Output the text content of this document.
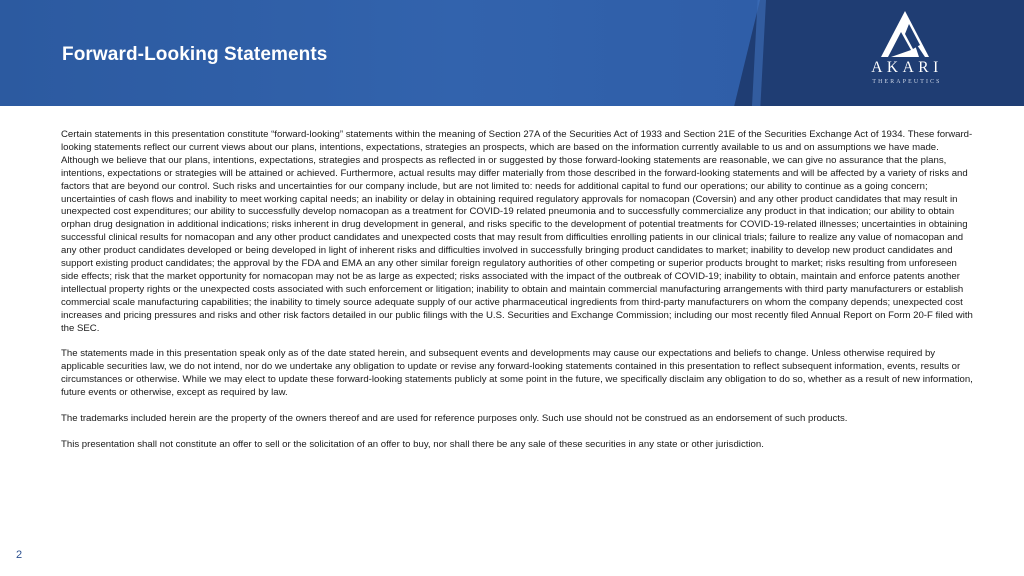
Forward-Looking Statements
AKARI
THERAPEUTICS

Certain statements in this presentation constitute “forward-looking” statements within the meaning of Section 27A of the Securities Act of 1933 and Section 21E of the Securities Exchange Act of 1934. These forward-looking statements reflect our current views about our plans, intentions, expectations, strategies an prospects, which are based on the information currently available to us and on assumptions we have made. Although we believe that our plans, intentions, expectations, strategies and prospects as reflected in or suggested by those forward-looking statements are reasonable, we can give no assurance that the plans, intentions, expectations or strategies will be attained or achieved. Furthermore, actual results may differ materially from those described in the forward-looking statements and will be affected by a variety of risks and factors that are beyond our control. Such risks and uncertainties for our company include, but are not limited to: needs for additional capital to fund our operations; our ability to continue as a going concern; uncertainties of cash flows and inability to meet working capital needs; an inability or delay in obtaining required regulatory approvals for nomacopan (Coversin) and any other product candidates that may result in unexpected cost expenditures; our ability to successfully develop nomacopan as a treatment for COVID-19 related pneumonia and to successfully commercialize any product in that indication; our ability to obtain orphan drug designation in additional indications; risks inherent in drug development in general, and risks specific to the development of potential treatments for COVID-19-related illnesses; uncertainties in obtaining successful clinical results for nomacopan and any other product candidates and unexpected costs that may result from difficulties enrolling patients in our clinical trials; failure to realize any value of nomacopan and any other product candidates developed or being developed in light of inherent risks and difficulties involved in successfully bringing product candidates to market; inability to develop new product candidates and support existing product candidates; the approval by the FDA and EMA an any other similar foreign regulatory authorities of other competing or superior products brought to market; risks resulting from unforeseen side effects; risk that the market opportunity for nomacopan may not be as large as expected; risks associated with the impact of the outbreak of COVID-19; inability to obtain, maintain and enforce patents another intellectual property rights or the unexpected costs associated with such enforcement or litigation; inability to obtain and maintain commercial manufacturing arrangements with third party manufacturers or establish commercial scale manufacturing capabilities; the inability to timely source adequate supply of our active pharmaceutical ingredients from third-party manufacturers on whom the company depends; unexpected cost increases and pricing pressures and risks and other risk factors detailed in our public filings with the U.S. Securities and Exchange Commission; including our most recently filed Annual Report on Form 20-F filed with the SEC.

The statements made in this presentation speak only as of the date stated herein, and subsequent events and developments may cause our expectations and beliefs to change. Unless otherwise required by applicable securities law, we do not intend, nor do we undertake any obligation to update or revise any forward-looking statements contained in this presentation to reflect subsequent information, events, results or circumstances or otherwise. While we may elect to update these forward-looking statements publicly at some point in the future, we specifically disclaim any obligation to do so, whether as a result of new information, future events or otherwise, except as required by law.

The trademarks included herein are the property of the owners thereof and are used for reference purposes only. Such use should not be construed as an endorsement of such products.

This presentation shall not constitute an offer to sell or the solicitation of an offer to buy, nor shall there be any sale of these securities in any state or other jurisdiction.

2
